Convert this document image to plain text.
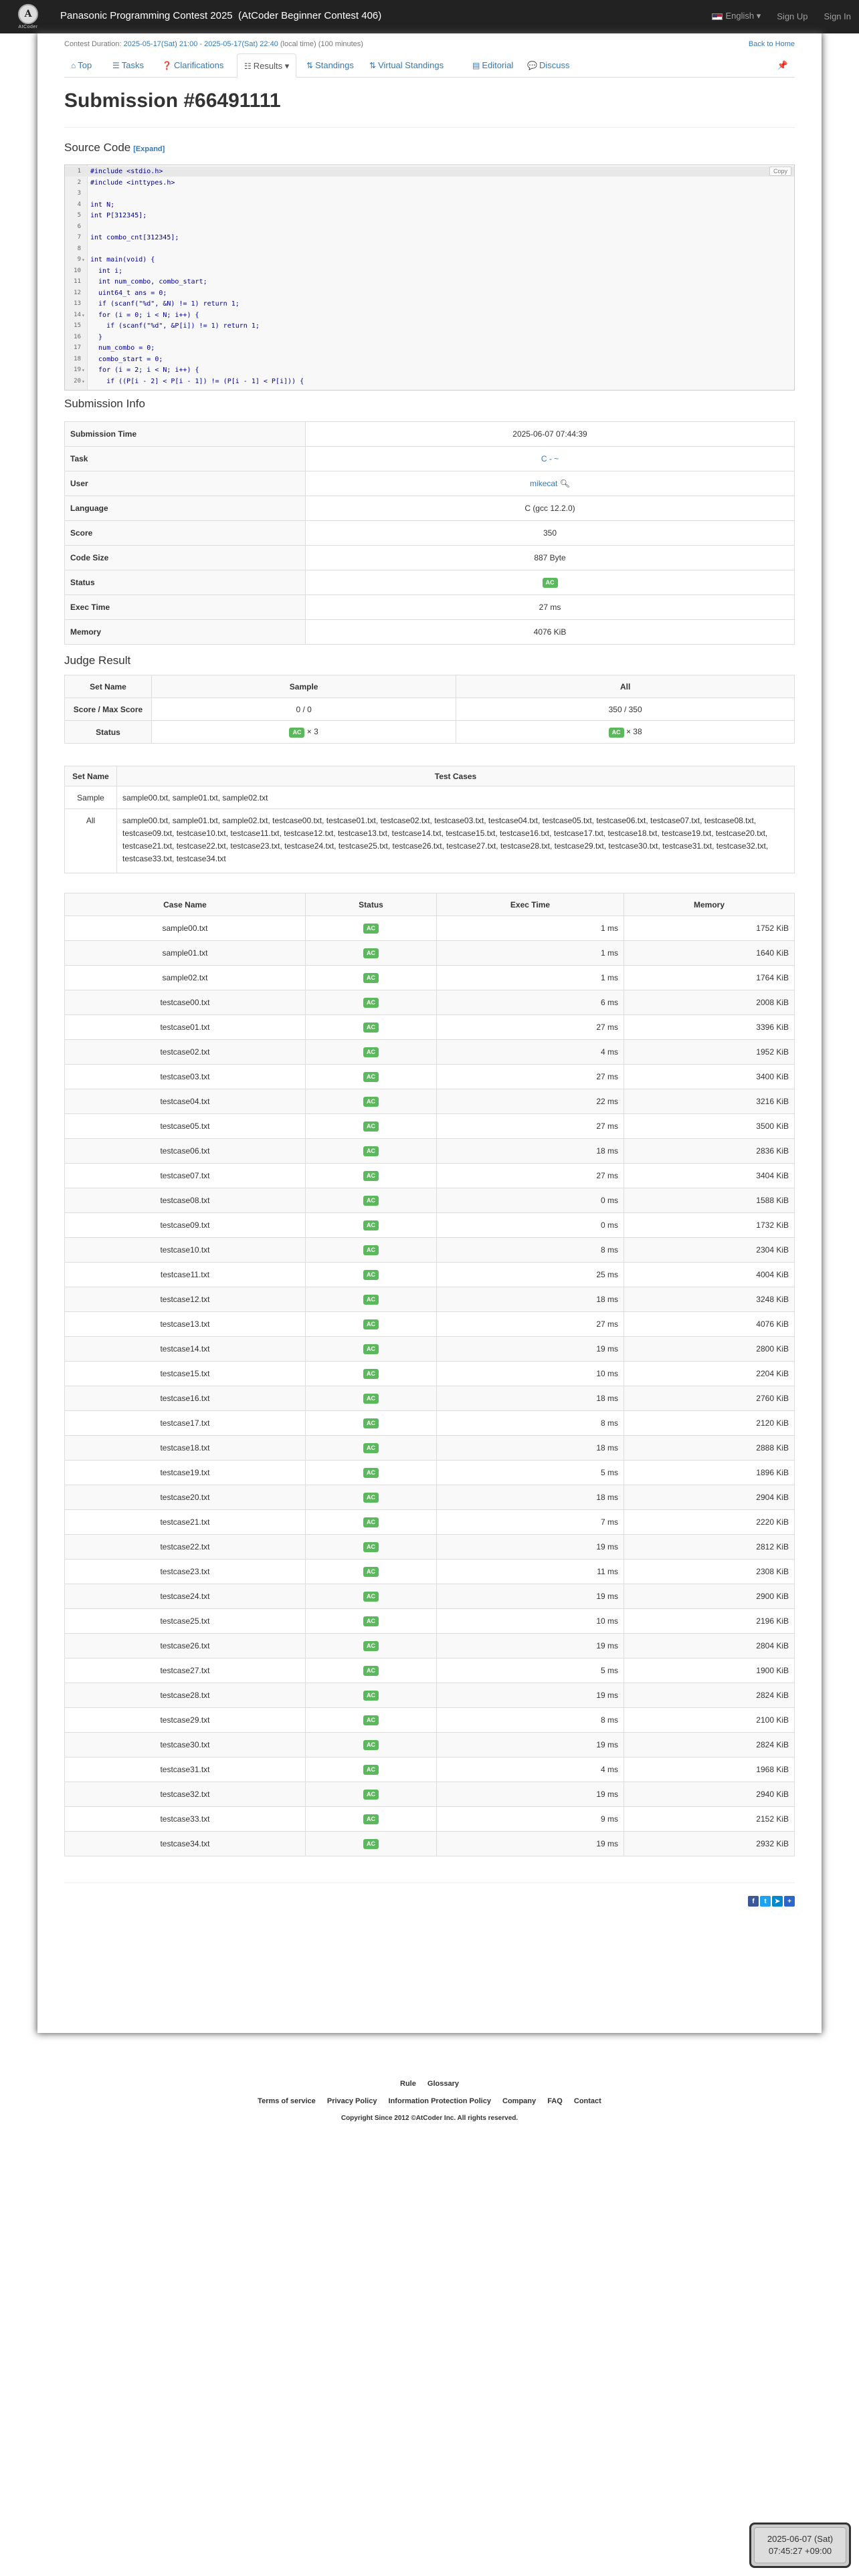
A
AtCoder
Panasonic Programming Contest 2025  (AtCoder Beginner Contest 406)	English ▾ Sign Up Sign In
Contest Duration: 2025-05-17(Sat) 21:00 - 2025-05-17(Sat) 22:40 (local time) (100 minutes)	Back to Home
⌂ Top	☰ Tasks	❓ Clarifications	☷ Results ▾	⇅ Standings	⇅ Virtual Standings	▤ Editorial	💬 Discuss	📌
Submission #66491111
Source Code [Expand]
1 #include <stdio.h>
2 #include <inttypes.h>
3
4 int N;
5 int P[312345];
6
7 int combo_cnt[312345];
8
9 ▾ int main(void) {
10 int i;
11 int num_combo, combo_start;
12 uint64_t ans = 0;
13 if (scanf("%d", &N) != 1) return 1;
14 ▾ for (i = 0; i < N; i++) {
15 if (scanf("%d", &P[i]) != 1) return 1;
16 }
17 num_combo = 0;
18 combo_start = 0;
19 ▾ for (i = 2; i < N; i++) {
20 ▾ if ((P[i - 2] < P[i - 1]) != (P[i - 1] < P[i])) {
Copy
Submission Info
Submission Time	2025-06-07 07:44:39
Task	C - ~
User	mikecat 🔍︎
Language	C (gcc 12.2.0)
Score	350
Code Size	887 Byte
Status	AC
Exec Time	27 ms
Memory	4076 KiB
Judge Result
Set Name	Sample	All
Score / Max Score	0 / 0	350 / 350
Status	AC × 3	AC × 38
Set Name	Test Cases
Sample	sample00.txt, sample01.txt, sample02.txt
All	sample00.txt, sample01.txt, sample02.txt, testcase00.txt, testcase01.txt, testcase02.txt, testcase03.txt, testcase04.txt, testcase05.txt, testcase06.txt, testcase07.txt, testcase08.txt, testcase09.txt, testcase10.txt, testcase11.txt, testcase12.txt, testcase13.txt, testcase14.txt, testcase15.txt, testcase16.txt, testcase17.txt, testcase18.txt, testcase19.txt, testcase20.txt, testcase21.txt, testcase22.txt, testcase23.txt, testcase24.txt, testcase25.txt, testcase26.txt, testcase27.txt, testcase28.txt, testcase29.txt, testcase30.txt, testcase31.txt, testcase32.txt, testcase33.txt, testcase34.txt
Case Name	Status	Exec Time	Memory
sample00.txt	AC	1 ms	1752 KiB
sample01.txt	AC	1 ms	1640 KiB
sample02.txt	AC	1 ms	1764 KiB
testcase00.txt	AC	6 ms	2008 KiB
testcase01.txt	AC	27 ms	3396 KiB
testcase02.txt	AC	4 ms	1952 KiB
testcase03.txt	AC	27 ms	3400 KiB
testcase04.txt	AC	22 ms	3216 KiB
testcase05.txt	AC	27 ms	3500 KiB
testcase06.txt	AC	18 ms	2836 KiB
testcase07.txt	AC	27 ms	3404 KiB
testcase08.txt	AC	0 ms	1588 KiB
testcase09.txt	AC	0 ms	1732 KiB
testcase10.txt	AC	8 ms	2304 KiB
testcase11.txt	AC	25 ms	4004 KiB
testcase12.txt	AC	18 ms	3248 KiB
testcase13.txt	AC	27 ms	4076 KiB
testcase14.txt	AC	19 ms	2800 KiB
testcase15.txt	AC	10 ms	2204 KiB
testcase16.txt	AC	18 ms	2760 KiB
testcase17.txt	AC	8 ms	2120 KiB
testcase18.txt	AC	18 ms	2888 KiB
testcase19.txt	AC	5 ms	1896 KiB
testcase20.txt	AC	18 ms	2904 KiB
testcase21.txt	AC	7 ms	2220 KiB
testcase22.txt	AC	19 ms	2812 KiB
testcase23.txt	AC	11 ms	2308 KiB
testcase24.txt	AC	19 ms	2900 KiB
testcase25.txt	AC	10 ms	2196 KiB
testcase26.txt	AC	19 ms	2804 KiB
testcase27.txt	AC	5 ms	1900 KiB
testcase28.txt	AC	19 ms	2824 KiB
testcase29.txt	AC	8 ms	2100 KiB
testcase30.txt	AC	19 ms	2824 KiB
testcase31.txt	AC	4 ms	1968 KiB
testcase32.txt	AC	19 ms	2940 KiB
testcase33.txt	AC	9 ms	2152 KiB
testcase34.txt	AC	19 ms	2932 KiB
f	t	➤	+
Rule Glossary
Terms of service Privacy Policy Information Protection Policy Company FAQ Contact
Copyright Since 2012 ©AtCoder Inc. All rights reserved.
2025-06-07 (Sat)
07:45:27 +09:00
